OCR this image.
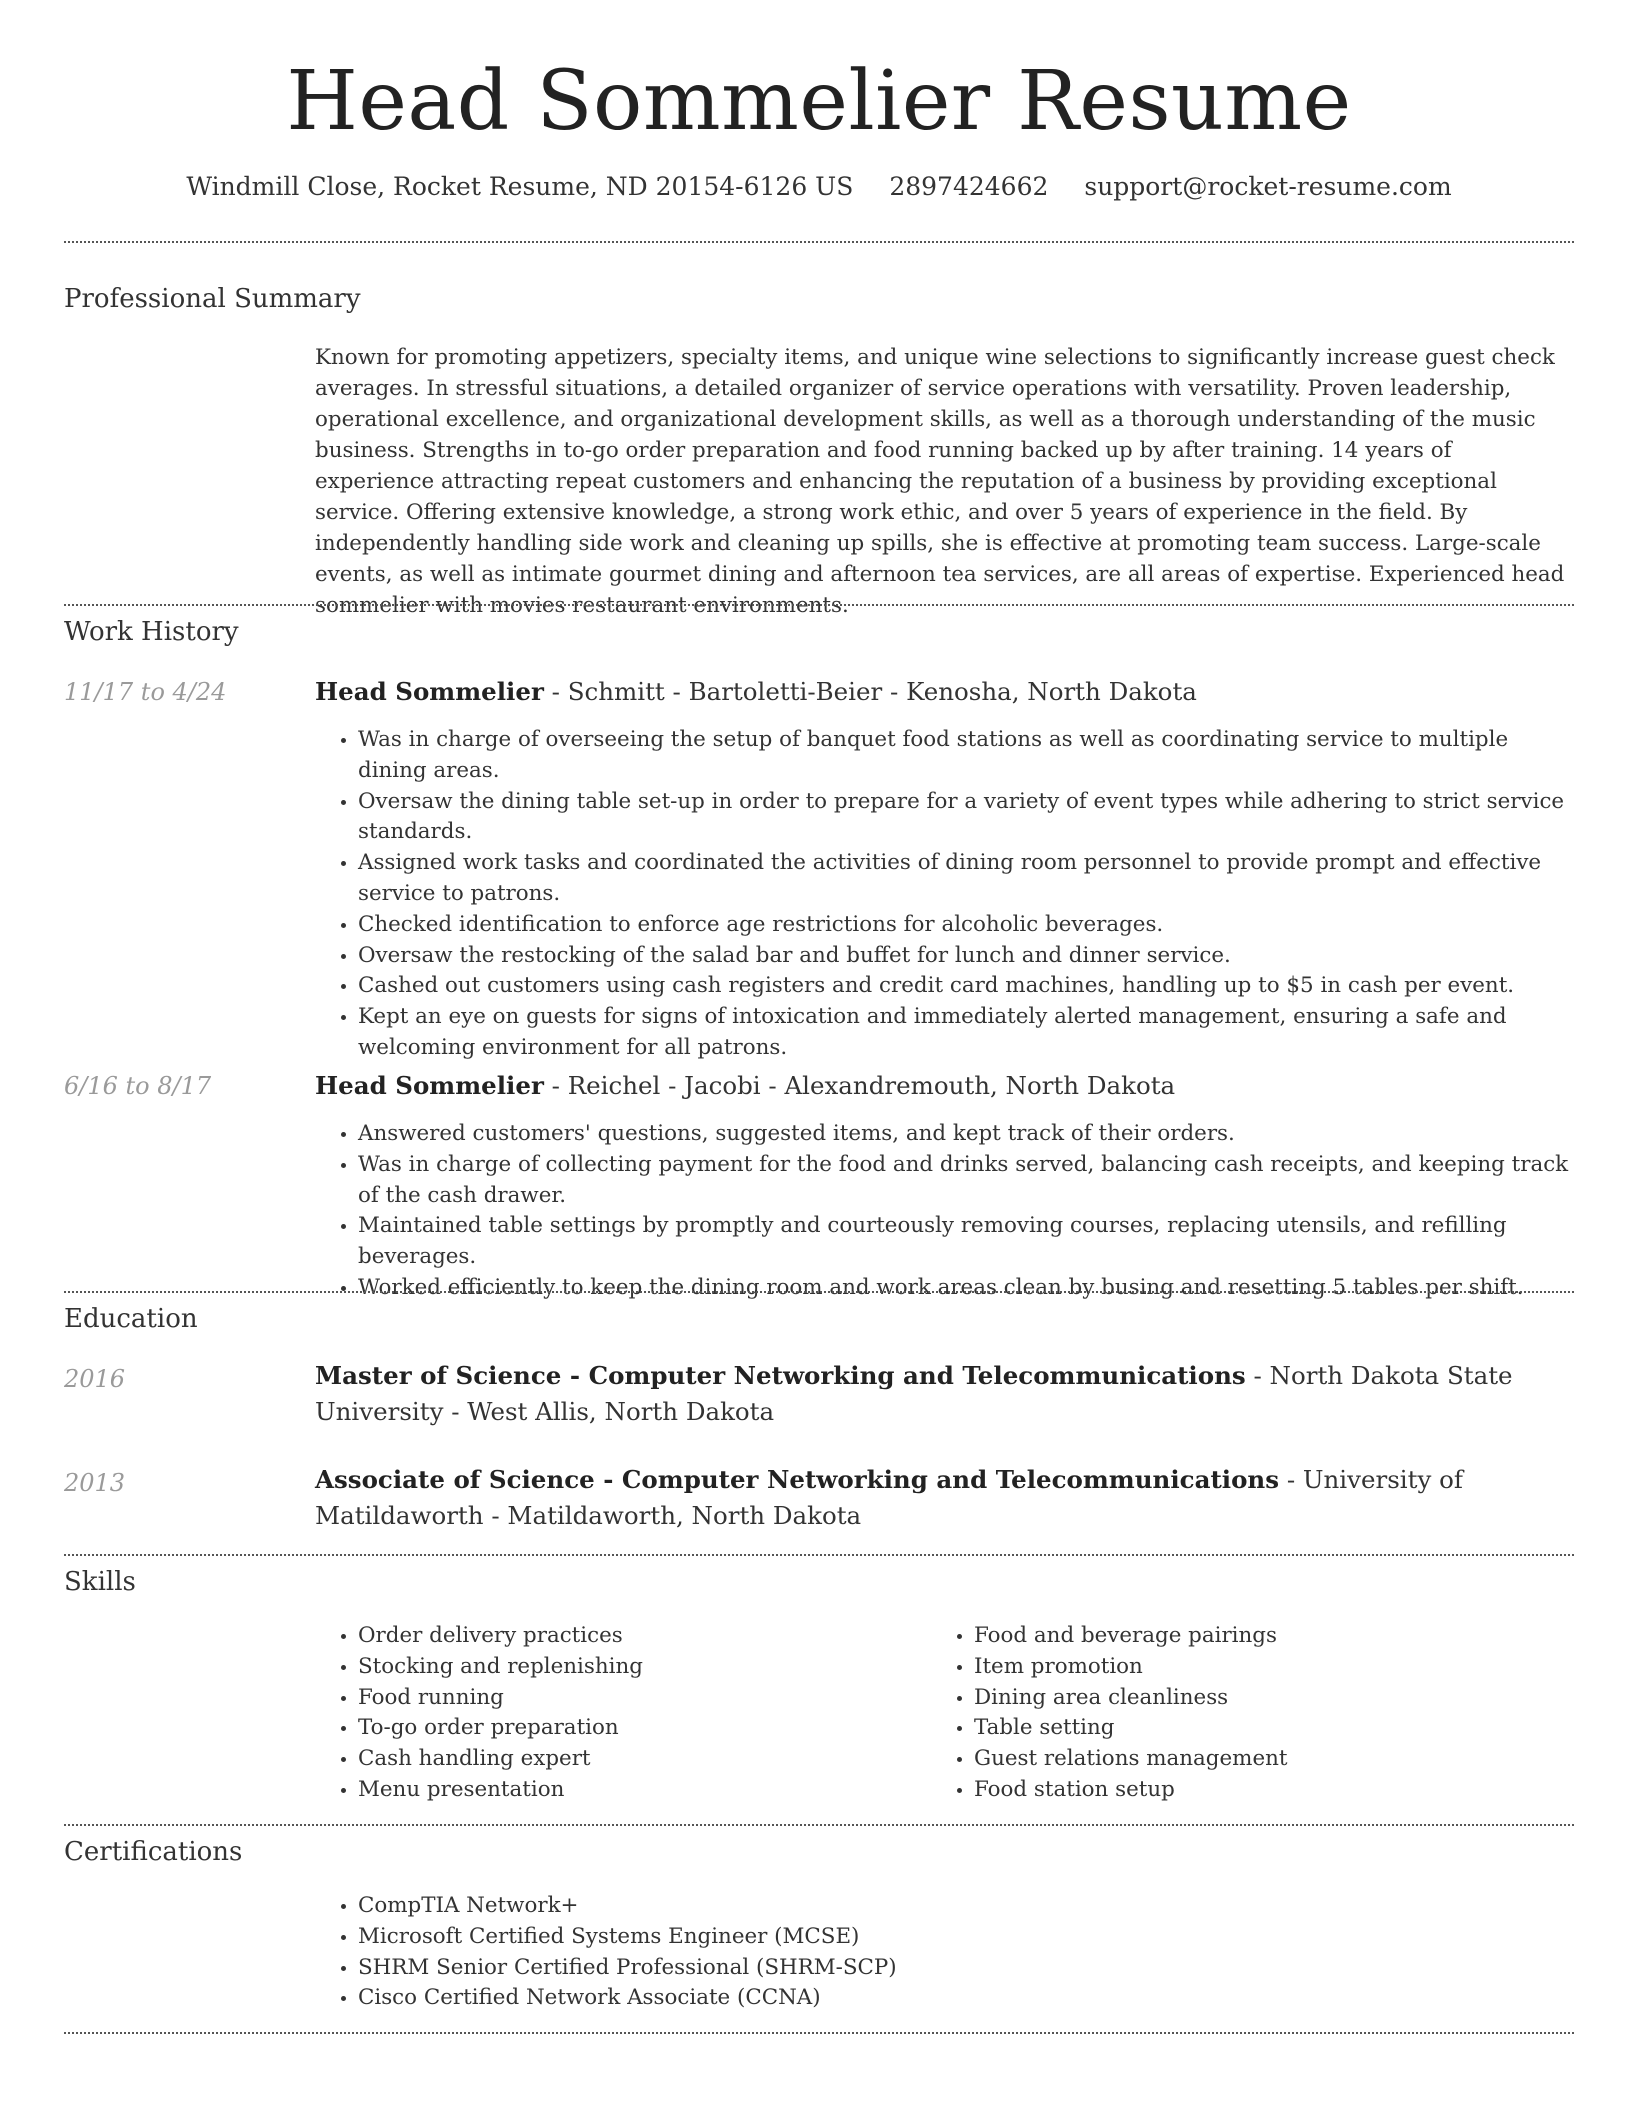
Head Sommelier Resume
Windmill Close, Rocket Resume, ND 20154-6126 US 2897424662 support@rocket-resume.com
Professional Summary

Known for promoting appetizers, specialty items, and unique wine selections to significantly increase guest check averages. In stressful situations, a detailed organizer of service operations with versatility. Proven leadership, operational excellence, and organizational development skills, as well as a thorough understanding of the music business. Strengths in to-go order preparation and food running backed up by after training. 14 years of experience attracting repeat customers and enhancing the reputation of a business by providing exceptional service. Offering extensive knowledge, a strong work ethic, and over 5 years of experience in the field. By independently handling side work and cleaning up spills, she is effective at promoting team success. Large-scale events, as well as intimate gourmet dining and afternoon tea services, are all areas of expertise. Experienced head sommelier with movies restaurant environments.

Work History
11/17 to 4/24	Head Sommelier - Schmitt - Bartoletti-Beier - Kenosha, North Dakota
• Was in charge of overseeing the setup of banquet food stations as well as coordinating service to multiple dining areas.
• Oversaw the dining table set-up in order to prepare for a variety of event types while adhering to strict service standards.
• Assigned work tasks and coordinated the activities of dining room personnel to provide prompt and effective service to patrons.
• Checked identification to enforce age restrictions for alcoholic beverages.
• Oversaw the restocking of the salad bar and buffet for lunch and dinner service.
• Cashed out customers using cash registers and credit card machines, handling up to $5 in cash per event.
• Kept an eye on guests for signs of intoxication and immediately alerted management, ensuring a safe and welcoming environment for all patrons.
6/16 to 8/17	Head Sommelier - Reichel - Jacobi - Alexandremouth, North Dakota
• Answered customers' questions, suggested items, and kept track of their orders.
• Was in charge of collecting payment for the food and drinks served, balancing cash receipts, and keeping track of the cash drawer.
• Maintained table settings by promptly and courteously removing courses, replacing utensils, and refilling beverages.
• Worked efficiently to keep the dining room and work areas clean by busing and resetting 5 tables per shift.
Education
2016	Master of Science - Computer Networking and Telecommunications - North Dakota State University - West Allis, North Dakota
2013	Associate of Science - Computer Networking and Telecommunications - University of Matildaworth - Matildaworth, North Dakota
Skills
• Order delivery practices
• Stocking and replenishing
• Food running
• To-go order preparation
• Cash handling expert
• Menu presentation
• Food and beverage pairings
• Item promotion
• Dining area cleanliness
• Table setting
• Guest relations management
• Food station setup
Certifications
• CompTIA Network+
• Microsoft Certified Systems Engineer (MCSE)
• SHRM Senior Certified Professional (SHRM-SCP)
• Cisco Certified Network Associate (CCNA)
